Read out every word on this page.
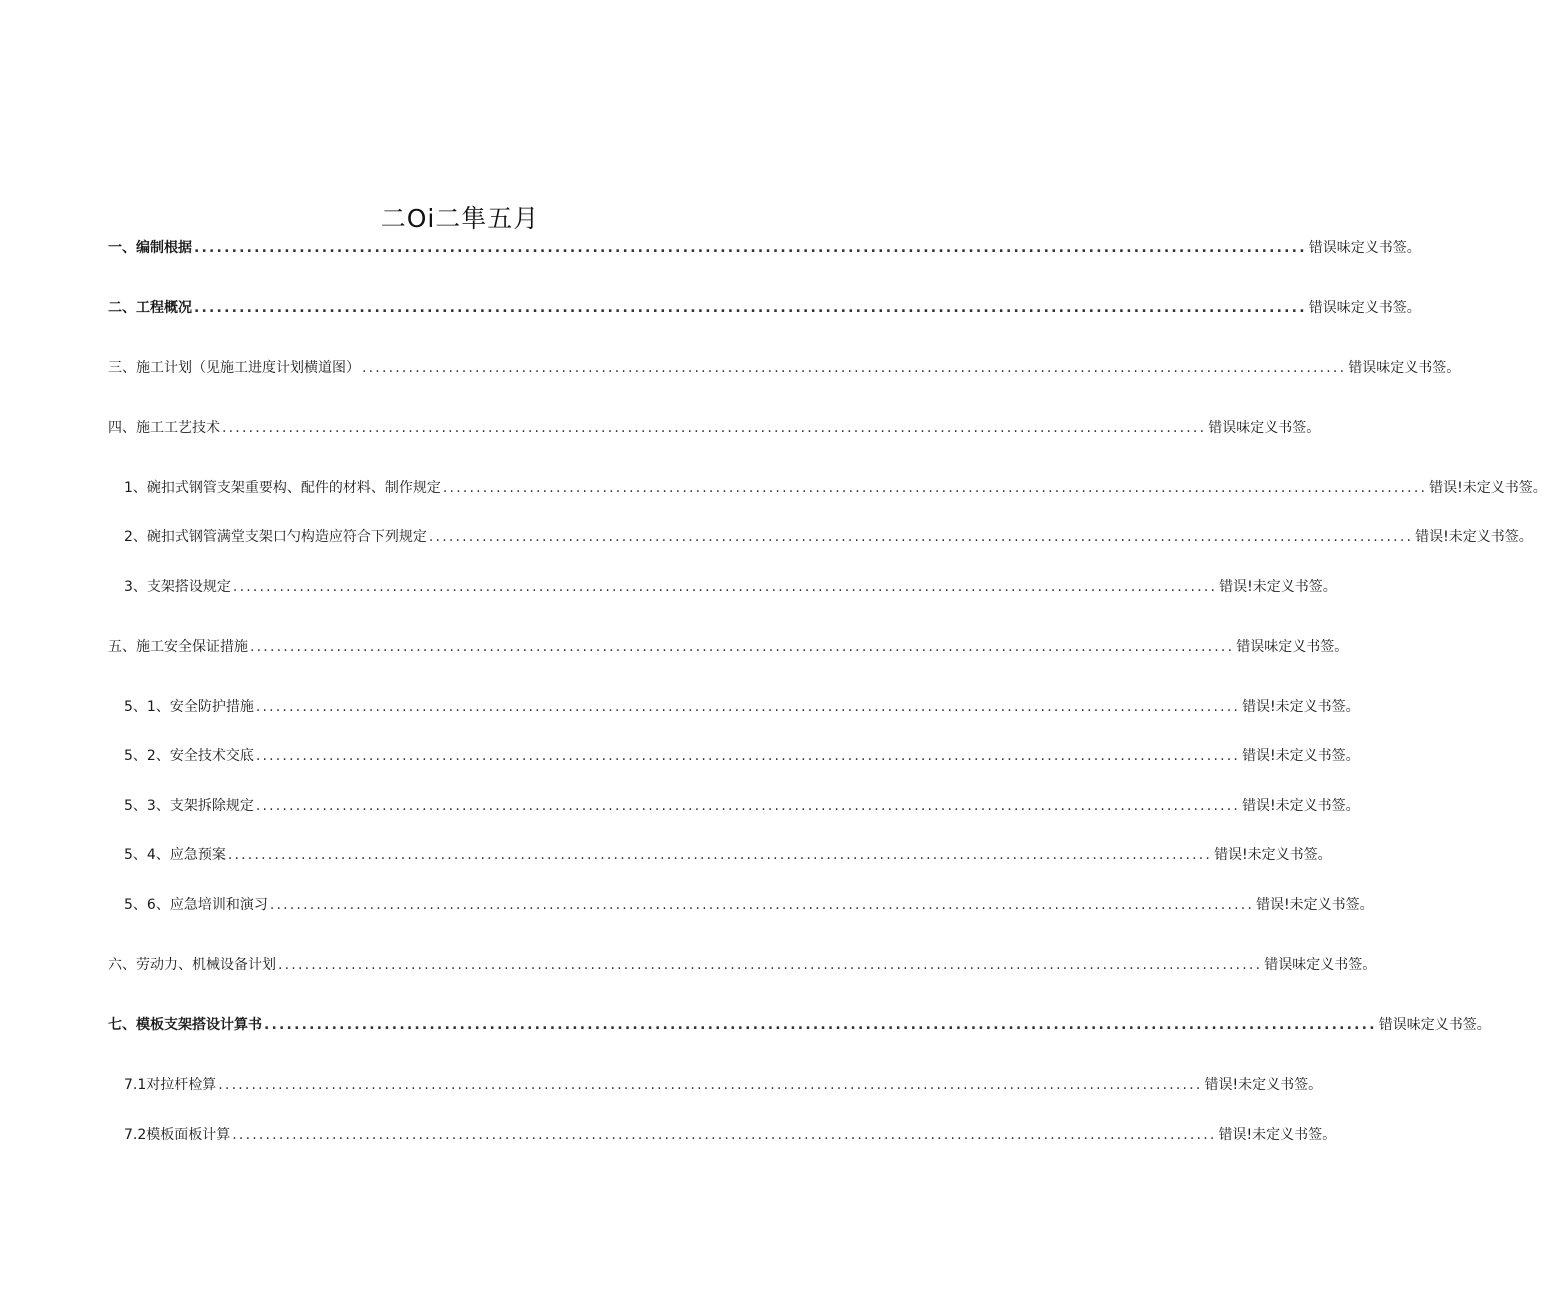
二Oi二隼五月
一、编制根据 .................................................................................................................................................... 错误味定义书签。
二、工程概况 .................................................................................................................................................... 错误味定义书签。
三、施工计划（见施工进度计划横道图） .................................................................................................................................................... 错误味定义书签。
四、施工工艺技术 .................................................................................................................................................... 错误味定义书签。
1、碗扣式钢管支架重要构、配件的材料、制作规定 .................................................................................................................................................... 错误!未定义书签。
2、碗扣式钢管满堂支架口勺构造应符合下列规定 .................................................................................................................................................... 错误!未定义书签。
3、支架搭设规定 .................................................................................................................................................... 错误!未定义书签。
五、施工安全保证措施 .................................................................................................................................................... 错误味定义书签。
5、1、安全防护措施 .................................................................................................................................................... 错误!未定义书签。
5、2、安全技术交底 .................................................................................................................................................... 错误!未定义书签。
5、3、支架拆除规定 .................................................................................................................................................... 错误!未定义书签。
5、4、应急预案 .................................................................................................................................................... 错误!未定义书签。
5、6、应急培训和演习 .................................................................................................................................................... 错误!未定义书签。
六、劳动力、机械设备计划 .................................................................................................................................................... 错误味定义书签。
七、模板支架搭设计算书 .................................................................................................................................................... 错误味定义书签。
7.1对拉杆检算 .................................................................................................................................................... 错误!未定义书签。
7.2模板面板计算 .................................................................................................................................................... 错误!未定义书签。
